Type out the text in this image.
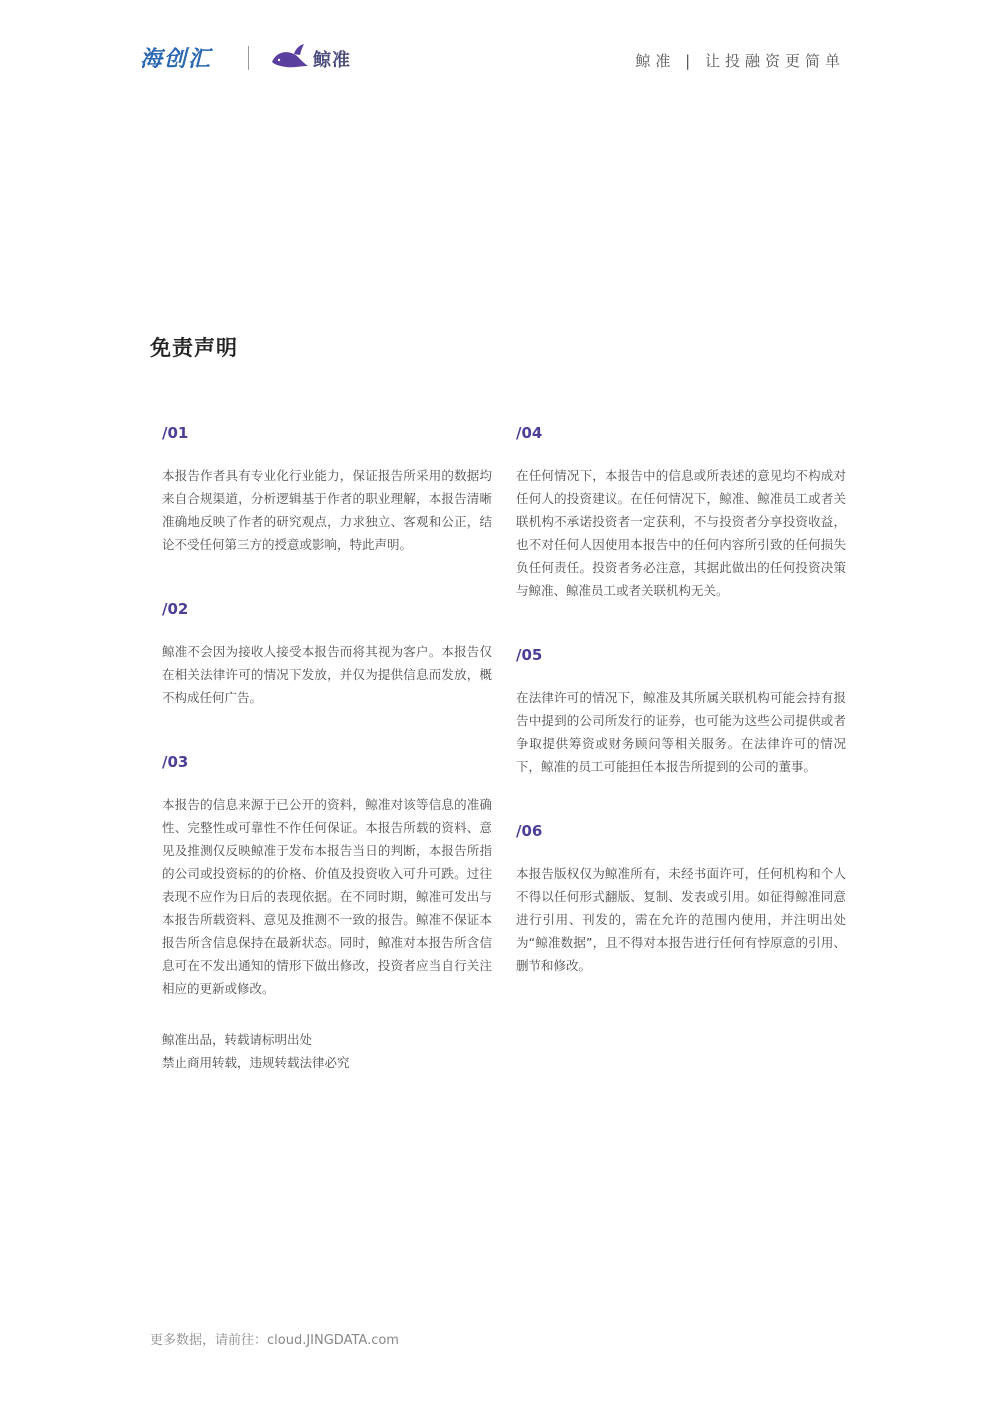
海创汇	鲸准	鲸准 | 让投融资更简单
免责声明
/01

本报告作者具有专业化行业能力，保证报告所采用的数据均来自合规渠道，分析逻辑基于作者的职业理解，本报告清晰准确地反映了作者的研究观点，力求独立、客观和公正，结论不受任何第三方的授意或影响，特此声明。

/02

鲸准不会因为接收人接受本报告而将其视为客户。本报告仅在相关法律许可的情况下发放，并仅为提供信息而发放，概不构成任何广告。

/03

本报告的信息来源于已公开的资料，鲸准对该等信息的准确性、完整性或可靠性不作任何保证。本报告所载的资料、意见及推测仅反映鲸准于发布本报告当日的判断，本报告所指的公司或投资标的的价格、价值及投资收入可升可跌。过往表现不应作为日后的表现依据。在不同时期，鲸准可发出与本报告所载资料、意见及推测不一致的报告。鲸准不保证本报告所含信息保持在最新状态。同时，鲸准对本报告所含信息可在不发出通知的情形下做出修改，投资者应当自行关注相应的更新或修改。

/04

在任何情况下，本报告中的信息或所表述的意见均不构成对任何人的投资建议。在任何情况下，鲸准、鲸准员工或者关联机构不承诺投资者一定获利，不与投资者分享投资收益，也不对任何人因使用本报告中的任何内容所引致的任何损失负任何责任。投资者务必注意，其据此做出的任何投资决策与鲸准、鲸准员工或者关联机构无关。

/05

在法律许可的情况下，鲸准及其所属关联机构可能会持有报告中提到的公司所发行的证券，也可能为这些公司提供或者争取提供筹资或财务顾问等相关服务。在法律许可的情况下，鲸准的员工可能担任本报告所提到的公司的董事。

/06

本报告版权仅为鲸准所有，未经书面许可，任何机构和个人不得以任何形式翻版、复制、发表或引用。如征得鲸准同意进行引用、刊发的，需在允许的范围内使用，并注明出处为“鲸准数据”，且不得对本报告进行任何有悖原意的引用、删节和修改。

鲸准出品，转载请标明出处
禁止商用转载，违规转载法律必究
更多数据，请前往：cloud.JINGDATA.com
